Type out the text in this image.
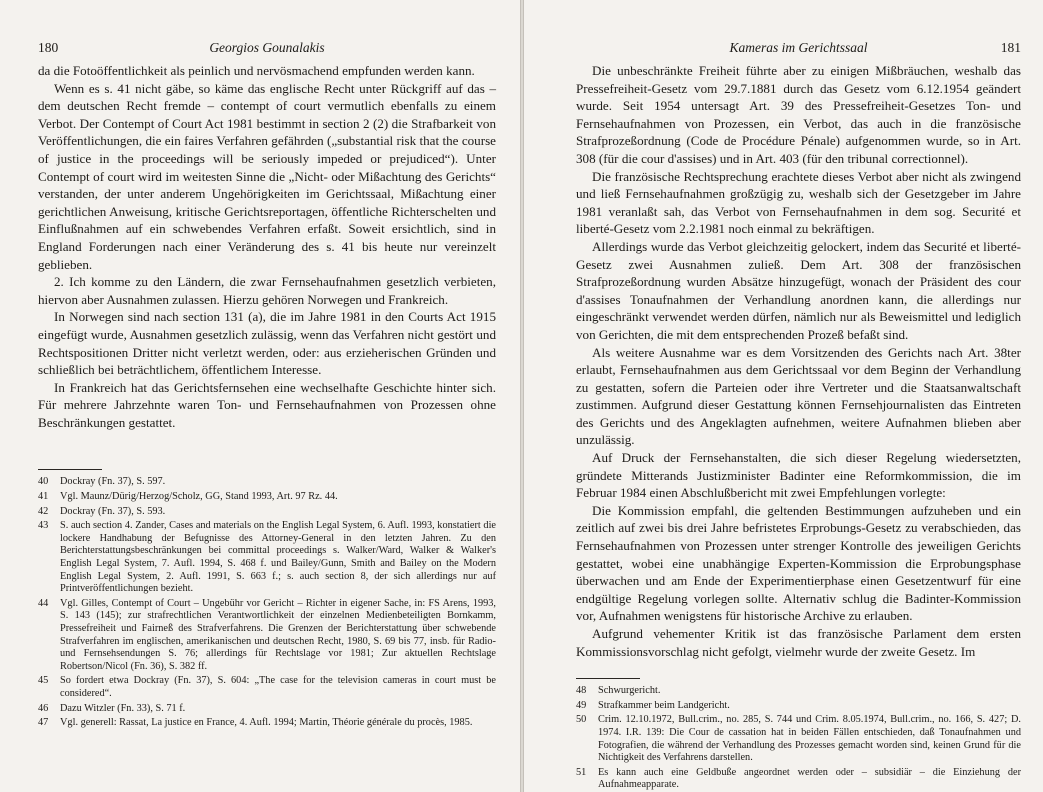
180	Georgios Gounalakis

da die Fotoöffentlichkeit als peinlich und nervösmachend empfunden werden kann.

Wenn es s. 41 nicht gäbe, so käme das englische Recht unter Rückgriff auf das – dem deutschen Recht fremde – contempt of court vermutlich ebenfalls zu einem Verbot. Der Contempt of Court Act 1981 bestimmt in section 2 (2) die Strafbarkeit von Veröffentlichungen, die ein faires Verfahren gefährden („substantial risk that the course of justice in the proceedings will be seriously impeded or prejudiced“). Unter Contempt of court wird im weitesten Sinne die „Nicht- oder Mißachtung des Gerichts“ verstanden, der unter anderem Ungehörigkeiten im Gerichtssaal, Mißachtung einer gerichtlichen Anweisung, kritische Gerichtsreportagen, öffentliche Richterschelten und Einflußnahmen auf ein schwebendes Verfahren erfaßt. Soweit ersichtlich, sind in England Forderungen nach einer Veränderung des s. 41 bis heute nur vereinzelt geblieben.

2. Ich komme zu den Ländern, die zwar Fernsehaufnahmen gesetzlich verbieten, hiervon aber Ausnahmen zulassen. Hierzu gehören Norwegen und Frankreich.

In Norwegen sind nach section 131 (a), die im Jahre 1981 in den Courts Act 1915 eingefügt wurde, Ausnahmen gesetzlich zulässig, wenn das Verfahren nicht gestört und Rechtspositionen Dritter nicht verletzt werden, oder: aus erzieherischen Gründen und schließlich bei beträchtlichem, öffentlichem Interesse.

In Frankreich hat das Gerichtsfernsehen eine wechselhafte Geschichte hinter sich. Für mehrere Jahrzehnte waren Ton- und Fernsehaufnahmen von Prozessen ohne Beschränkungen gestattet.

40	Dockray (Fn. 37), S. 597.
41	Vgl. Maunz/Dürig/Herzog/Scholz, GG, Stand 1993, Art. 97 Rz. 44.
42	Dockray (Fn. 37), S. 593.
43	S. auch section 4. Zander, Cases and materials on the English Legal System, 6. Aufl. 1993, konstatiert die lockere Handhabung der Befugnisse des Attorney-General in den letzten Jahren. Zu den Berichterstattungsbeschränkungen bei committal proceedings s. Walker/Ward, Walker & Walker's English Legal System, 7. Aufl. 1994, S. 468 f. und Bailey/Gunn, Smith and Bailey on the Modern English Legal System, 2. Aufl. 1991, S. 663 f.; s. auch section 8, der sich allerdings nur auf Printveröffentlichungen bezieht.
44	Vgl. Gilles, Contempt of Court – Ungebühr vor Gericht – Richter in eigener Sache, in: FS Arens, 1993, S. 143 (145); zur strafrechtlichen Verantwortlichkeit der einzelnen Medienbeteiligten Bornkamm, Pressefreiheit und Fairneß des Strafverfahrens. Die Grenzen der Berichterstattung über schwebende Strafverfahren im englischen, amerikanischen und deutschen Recht, 1980, S. 69 bis 77, insb. für Radio- und Fernsehsendungen S. 76; allerdings für Rechtslage vor 1981; Zur aktuellen Rechtslage Robertson/Nicol (Fn. 36), S. 382 ff.
45	So fordert etwa Dockray (Fn. 37), S. 604: „The case for the television cameras in court must be considered“.
46	Dazu Witzler (Fn. 33), S. 71 f.
47	Vgl. generell: Rassat, La justice en France, 4. Aufl. 1994; Martin, Théorie générale du procès, 1985.
Kameras im Gerichtssaal	181

Die unbeschränkte Freiheit führte aber zu einigen Mißbräuchen, weshalb das Pressefreiheit-Gesetz vom 29.7.1881 durch das Gesetz vom 6.12.1954 geändert wurde. Seit 1954 untersagt Art. 39 des Pressefreiheit-Gesetzes Ton- und Fernsehaufnahmen von Prozessen, ein Verbot, das auch in die französische Strafprozeßordnung (Code de Procédure Pénale) aufgenommen wurde, so in Art. 308 (für die cour d'assises) und in Art. 403 (für den tribunal correctionnel).

Die französische Rechtsprechung erachtete dieses Verbot aber nicht als zwingend und ließ Fernsehaufnahmen großzügig zu, weshalb sich der Gesetzgeber im Jahre 1981 veranlaßt sah, das Verbot von Fernsehaufnahmen in dem sog. Securité et liberté-Gesetz vom 2.2.1981 noch einmal zu bekräftigen.

Allerdings wurde das Verbot gleichzeitig gelockert, indem das Securité et liberté-Gesetz zwei Ausnahmen zuließ. Dem Art. 308 der französischen Strafprozeßordnung wurden Absätze hinzugefügt, wonach der Präsident des cour d'assises Tonaufnahmen der Verhandlung anordnen kann, die allerdings nur eingeschränkt verwendet werden dürfen, nämlich nur als Beweismittel und lediglich von Gerichten, die mit dem entsprechenden Prozeß befaßt sind.

Als weitere Ausnahme war es dem Vorsitzenden des Gerichts nach Art. 38ter erlaubt, Fernsehaufnahmen aus dem Gerichtssaal vor dem Beginn der Verhandlung zu gestatten, sofern die Parteien oder ihre Vertreter und die Staatsanwaltschaft zustimmen. Aufgrund dieser Gestattung können Fernsehjournalisten das Eintreten des Gerichts und des Angeklagten aufnehmen, weitere Aufnahmen blieben aber unzulässig.

Auf Druck der Fernsehanstalten, die sich dieser Regelung wiedersetzten, gründete Mitterands Justizminister Badinter eine Reformkommission, die im Februar 1984 einen Abschlußbericht mit zwei Empfehlungen vorlegte:

Die Kommission empfahl, die geltenden Bestimmungen aufzuheben und ein zeitlich auf zwei bis drei Jahre befristetes Erprobungs-Gesetz zu verabschieden, das Fernsehaufnahmen von Prozessen unter strenger Kontrolle des jeweiligen Gerichts gestattet, wobei eine unabhängige Experten-Kommission die Erprobungsphase überwachen und am Ende der Experimentierphase einen Gesetzentwurf für eine endgültige Regelung vorlegen sollte. Alternativ schlug die Badinter-Kommission vor, Aufnahmen wenigstens für historische Archive zu erlauben.

Aufgrund vehementer Kritik ist das französische Parlament dem ersten Kommissionsvorschlag nicht gefolgt, vielmehr wurde der zweite Gesetz. Im

48	Schwurgericht.
49	Strafkammer beim Landgericht.
50	Crim. 12.10.1972, Bull.crim., no. 285, S. 744 und Crim. 8.05.1974, Bull.crim., no. 166, S. 427; D. 1974. I.R. 139: Die Cour de cassation hat in beiden Fällen entschieden, daß Tonaufnahmen und Fotografien, die während der Verhandlung des Prozesses gemacht worden sind, keinen Grund für die Nichtigkeit des Verfahrens darstellen.
51	Es kann auch eine Geldbuße angeordnet werden oder – subsidiär – die Einziehung der Aufnahmeapparate.
